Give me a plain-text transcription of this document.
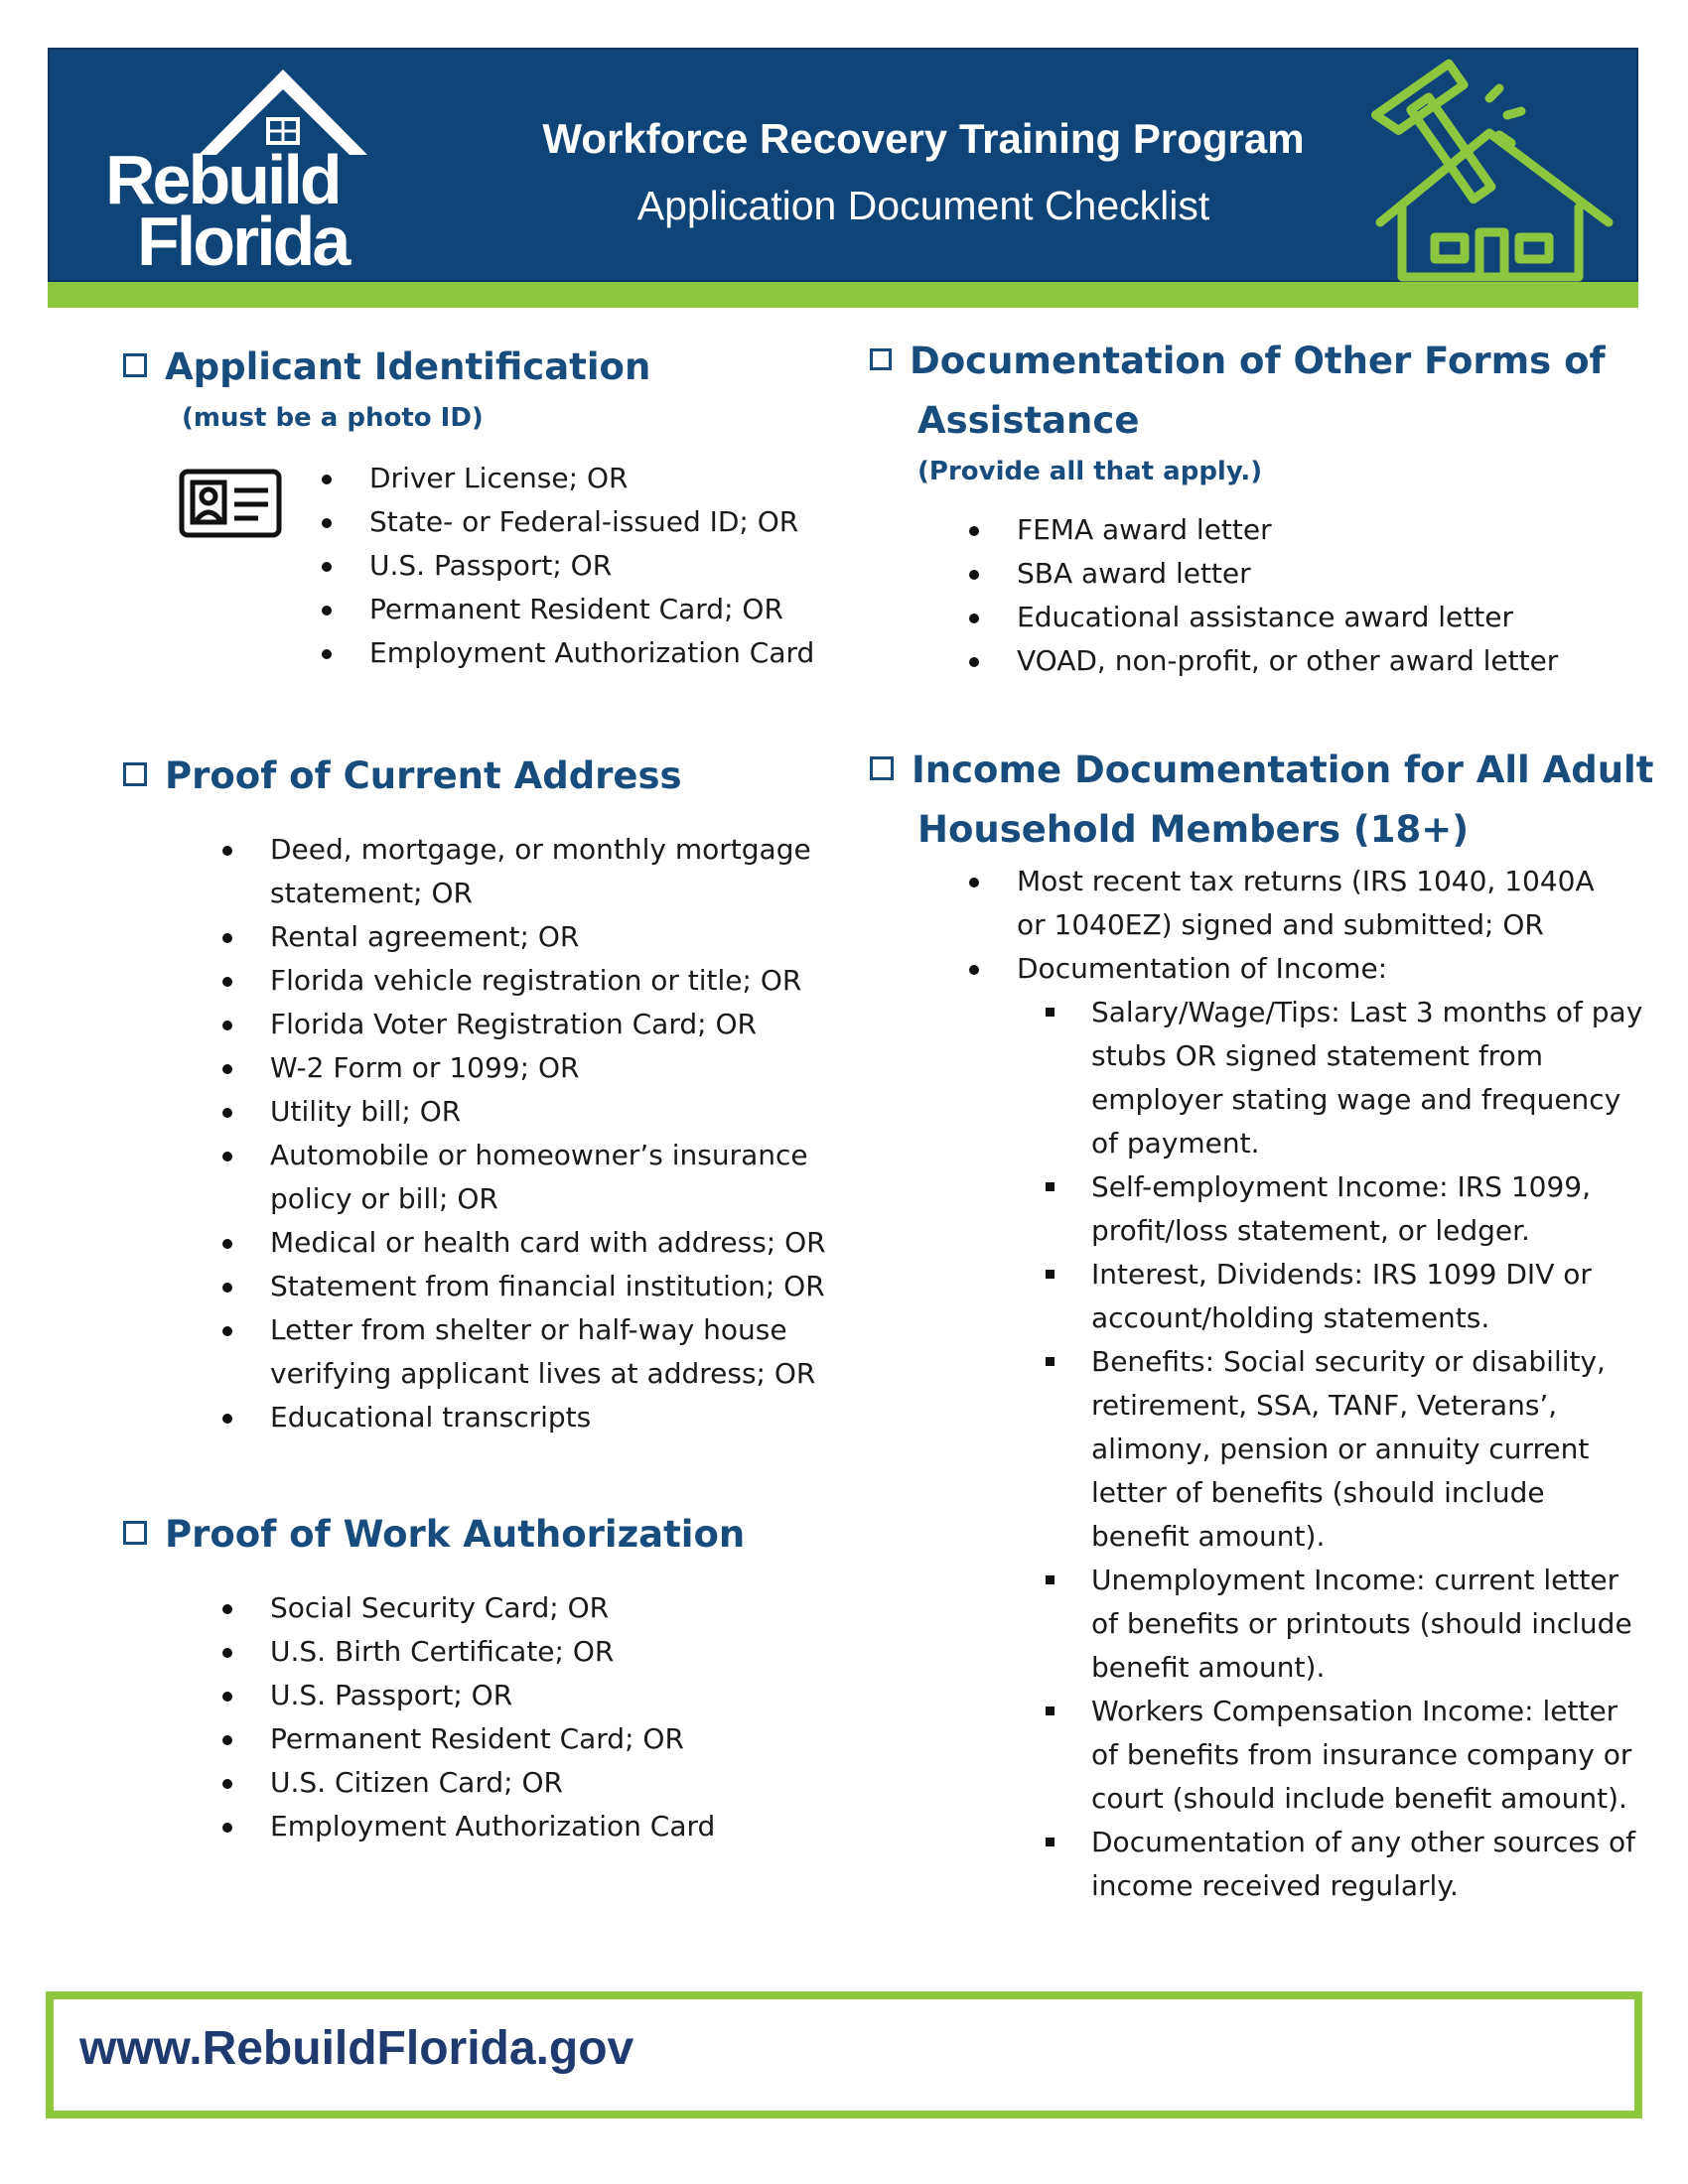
Rebuild
Florida
Workforce Recovery Training Program
Application Document Checklist
Applicant Identification
(must be a photo ID)
Driver License; OR
State- or Federal-issued ID; OR
U.S. Passport; OR
Permanent Resident Card; OR
Employment Authorization Card
Proof of Current Address
Deed, mortgage, or monthly mortgage statement; OR
Rental agreement; OR
Florida vehicle registration or title; OR
Florida Voter Registration Card; OR
W-2 Form or 1099; OR
Utility bill; OR
Automobile or homeowner’s insurance policy or bill; OR
Medical or health card with address; OR
Statement from financial institution; OR
Letter from shelter or half-way house verifying applicant lives at address; OR
Educational transcripts
Proof of Work Authorization
Social Security Card; OR
U.S. Birth Certificate; OR
U.S. Passport; OR
Permanent Resident Card; OR
U.S. Citizen Card; OR
Employment Authorization Card
Documentation of Other Forms of
Assistance
(Provide all that apply.)
FEMA award letter
SBA award letter
Educational assistance award letter
VOAD, non-profit, or other award letter
Income Documentation for All Adult
Household Members (18+)
Most recent tax returns (IRS 1040, 1040A or 1040EZ) signed and submitted; OR
Documentation of Income:
Salary/Wage/Tips: Last 3 months of pay stubs OR signed statement from employer stating wage and frequency of payment.
Self-employment Income: IRS 1099, profit/loss statement, or ledger.
Interest, Dividends: IRS 1099 DIV or account/holding statements.
Benefits: Social security or disability, retirement, SSA, TANF, Veterans’, alimony, pension or annuity current letter of benefits (should include benefit amount).
Unemployment Income: current letter of benefits or printouts (should include benefit amount).
Workers Compensation Income: letter of benefits from insurance company or court (should include benefit amount).
Documentation of any other sources of income received regularly.
www.RebuildFlorida.gov
